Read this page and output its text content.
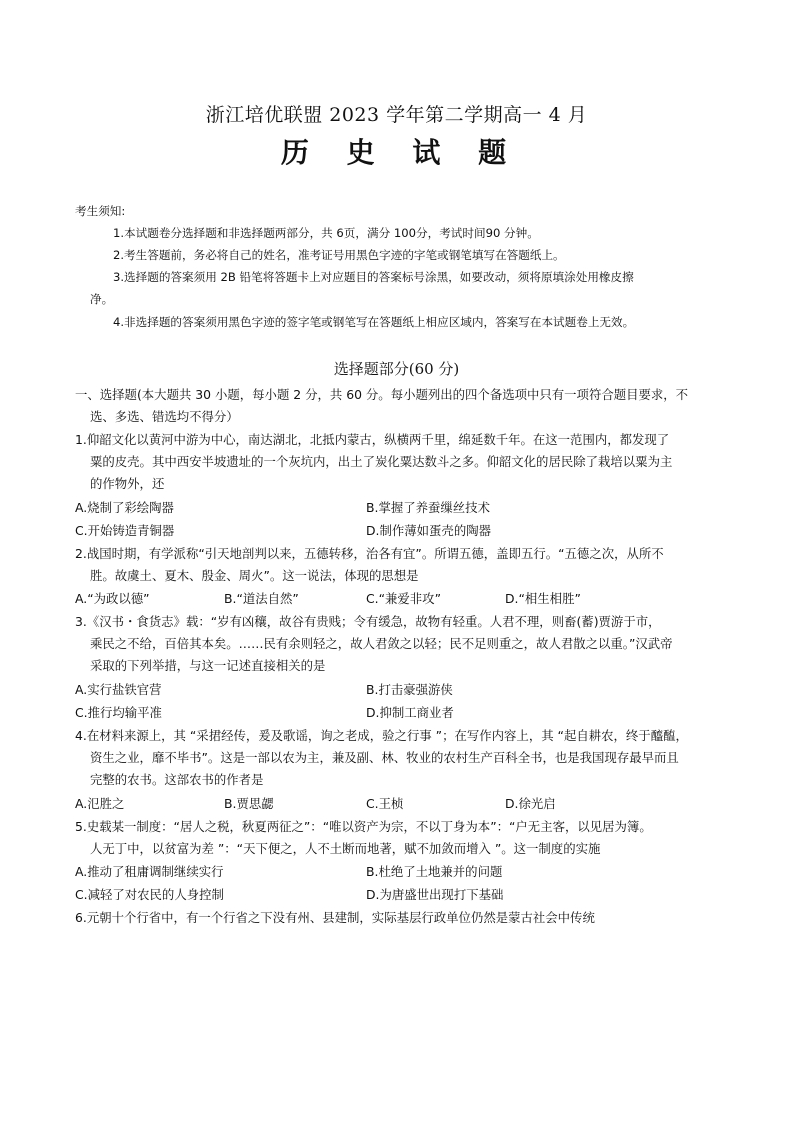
浙江培优联盟 2023 学年第二学期高一 4 月
历 史 试 题
考生须知:
1.本试题卷分选择题和非选择题两部分，共 6页，满分 100分，考试时间90 分钟。
2.考生答题前，务必将自己的姓名，准考证号用黑色字迹的字笔或钢笔填写在答题纸上。
3.选择题的答案须用 2B 铅笔将答题卡上对应题目的答案标号涂黑，如要改动，须将原填涂处用橡皮擦
净。
4.非选择题的答案须用黑色字迹的签字笔或钢笔写在答题纸上相应区域内，答案写在本试题卷上无效。
选择题部分(60 分)
一、选择题(本大题共 30 小题，每小题 2 分，共 60 分。每小题列出的四个备选项中只有一项符合题目要求，不
选、多选、错选均不得分）
1.仰韶文化以黄河中游为中心，南达湖北，北抵内蒙古，纵横两千里，绵延数千年。在这一范围内，都发现了
粟的皮壳。其中西安半坡遗址的一个灰坑内，出土了炭化粟达数斗之多。仰韶文化的居民除了栽培以粟为主
的作物外，还
A.烧制了彩绘陶器	B.掌握了养蚕缫丝技术
C.开始铸造青铜器	D.制作薄如蛋壳的陶器
2.战国时期，有学派称“引天地剖判以来，五德转移，治各有宜”。所谓五德，盖即五行。“五德之次，从所不
胜。故虞土、夏木、殷金、周火”。这一说法，体现的思想是
A.“为政以德”	B.“道法自然”	C.“兼爱非攻”	D.“相生相胜”
3.《汉书・食货志》载：“岁有凶穰，故谷有贵贱；令有缓急，故物有轻重。人君不理，则畜(蓄)贾游于市，
乘民之不给，百倍其本矣。……民有余则轻之，故人君敛之以轻；民不足则重之，故人君散之以重。”汉武帝
采取的下列举措，与这一记述直接相关的是
A.实行盐铁官营	B.打击豪强游侠
C.推行均输平准	D.抑制工商业者
4.在材料来源上，其 “采捃经传，爰及歌谣，询之老成，验之行事 ”；在写作内容上，其 “起自耕农，终于醯醢，
资生之业，靡不毕书”。这是一部以农为主，兼及副、林、牧业的农村生产百科全书，也是我国现存最早而且
完整的农书。这部农书的作者是
A.氾胜之	B.贾思勰	C.王桢	D.徐光启
5.史载某一制度：“居人之税，秋夏两征之”：“唯以资产为宗，不以丁身为本”：“户无主客，以见居为簿。
人无丁中，以贫富为差 ”：“天下便之，人不土断而地著，赋不加敛而增入 ”。这一制度的实施
A.推动了租庸调制继续实行	B.杜绝了土地兼并的问题
C.减轻了对农民的人身控制	D.为唐盛世出现打下基础
6.元朝十个行省中，有一个行省之下没有州、县建制，实际基层行政单位仍然是蒙古社会中传统
